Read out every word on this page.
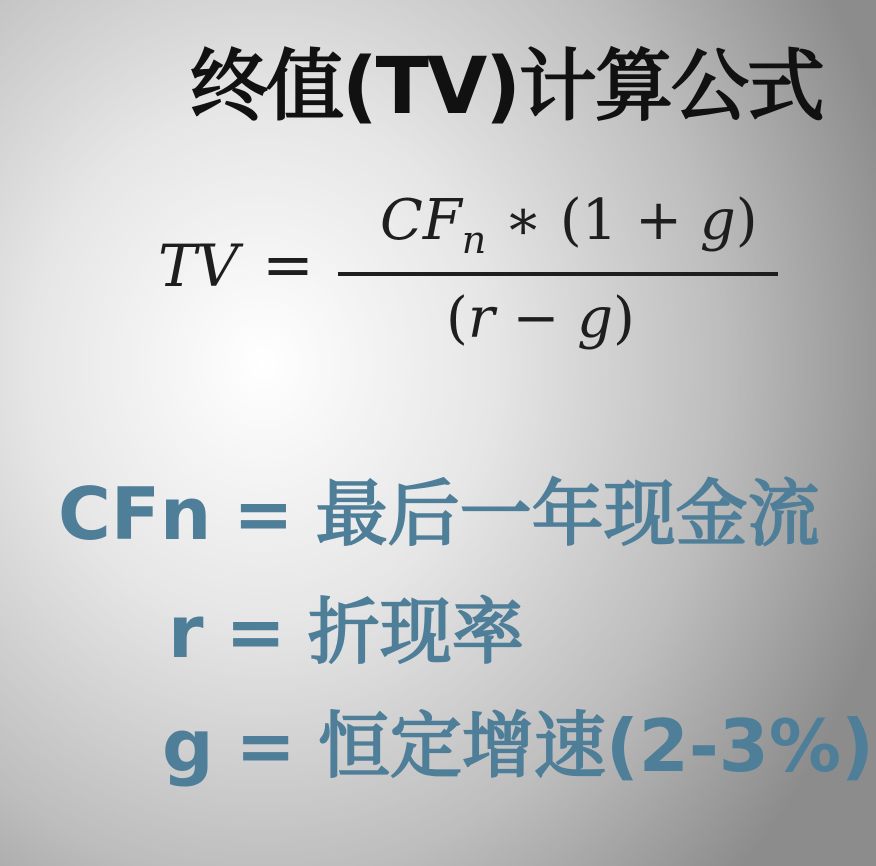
终值(TV)计算公式
TV =
$CF_n$ ∗ (1 + g)
(r − g)
CFn = 最后一年现金流
r = 折现率
g = 恒定增速(2-3%)
